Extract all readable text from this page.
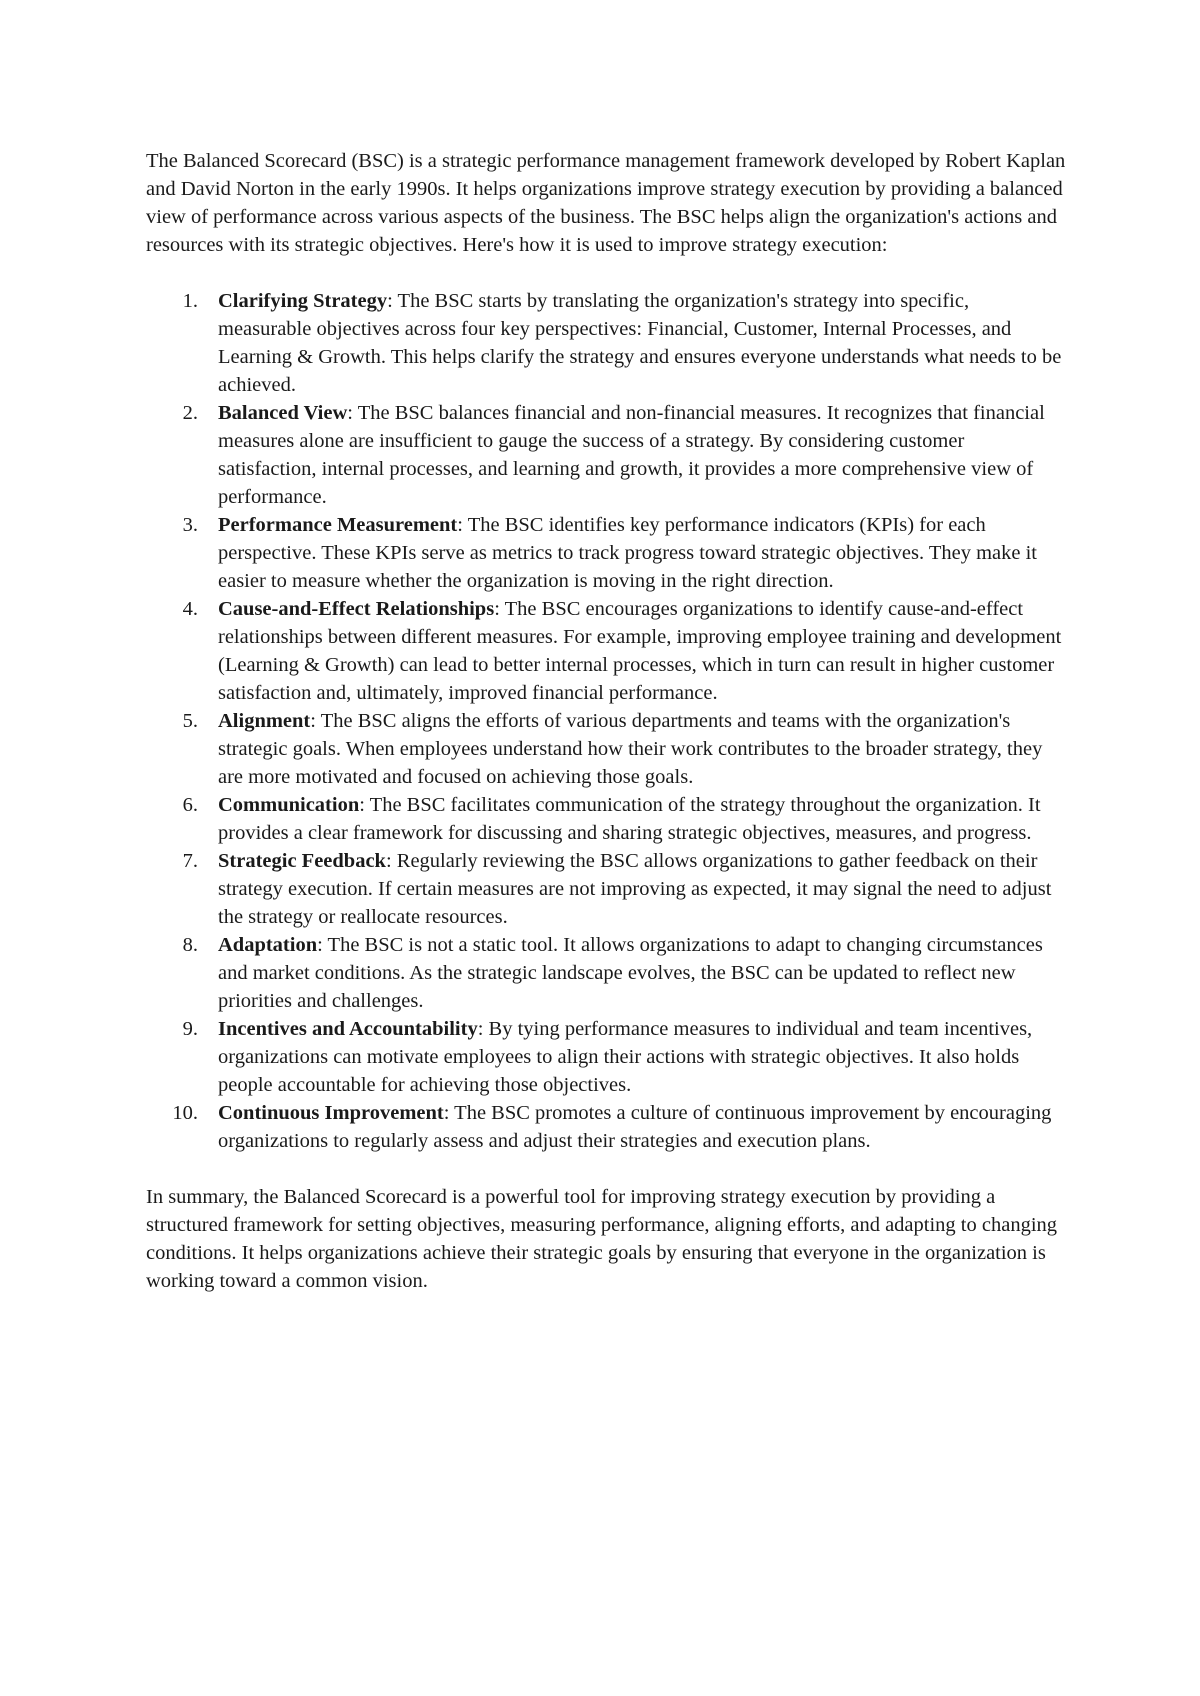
The Balanced Scorecard (BSC) is a strategic performance management framework developed by Robert Kaplan and David Norton in the early 1990s. It helps organizations improve strategy execution by providing a balanced view of performance across various aspects of the business. The BSC helps align the organization's actions and resources with its strategic objectives. Here's how it is used to improve strategy execution:

1. Clarifying Strategy: The BSC starts by translating the organization's strategy into specific, measurable objectives across four key perspectives: Financial, Customer, Internal Processes, and Learning & Growth. This helps clarify the strategy and ensures everyone understands what needs to be achieved.
2. Balanced View: The BSC balances financial and non-financial measures. It recognizes that financial measures alone are insufficient to gauge the success of a strategy. By considering customer satisfaction, internal processes, and learning and growth, it provides a more comprehensive view of performance.
3. Performance Measurement: The BSC identifies key performance indicators (KPIs) for each perspective. These KPIs serve as metrics to track progress toward strategic objectives. They make it easier to measure whether the organization is moving in the right direction.
4. Cause-and-Effect Relationships: The BSC encourages organizations to identify cause-and-effect relationships between different measures. For example, improving employee training and development (Learning & Growth) can lead to better internal processes, which in turn can result in higher customer satisfaction and, ultimately, improved financial performance.
5. Alignment: The BSC aligns the efforts of various departments and teams with the organization's strategic goals. When employees understand how their work contributes to the broader strategy, they are more motivated and focused on achieving those goals.
6. Communication: The BSC facilitates communication of the strategy throughout the organization. It provides a clear framework for discussing and sharing strategic objectives, measures, and progress.
7. Strategic Feedback: Regularly reviewing the BSC allows organizations to gather feedback on their strategy execution. If certain measures are not improving as expected, it may signal the need to adjust the strategy or reallocate resources.
8. Adaptation: The BSC is not a static tool. It allows organizations to adapt to changing circumstances and market conditions. As the strategic landscape evolves, the BSC can be updated to reflect new priorities and challenges.
9. Incentives and Accountability: By tying performance measures to individual and team incentives, organizations can motivate employees to align their actions with strategic objectives. It also holds people accountable for achieving those objectives.
10. Continuous Improvement: The BSC promotes a culture of continuous improvement by encouraging organizations to regularly assess and adjust their strategies and execution plans.

In summary, the Balanced Scorecard is a powerful tool for improving strategy execution by providing a structured framework for setting objectives, measuring performance, aligning efforts, and adapting to changing conditions. It helps organizations achieve their strategic goals by ensuring that everyone in the organization is working toward a common vision.
